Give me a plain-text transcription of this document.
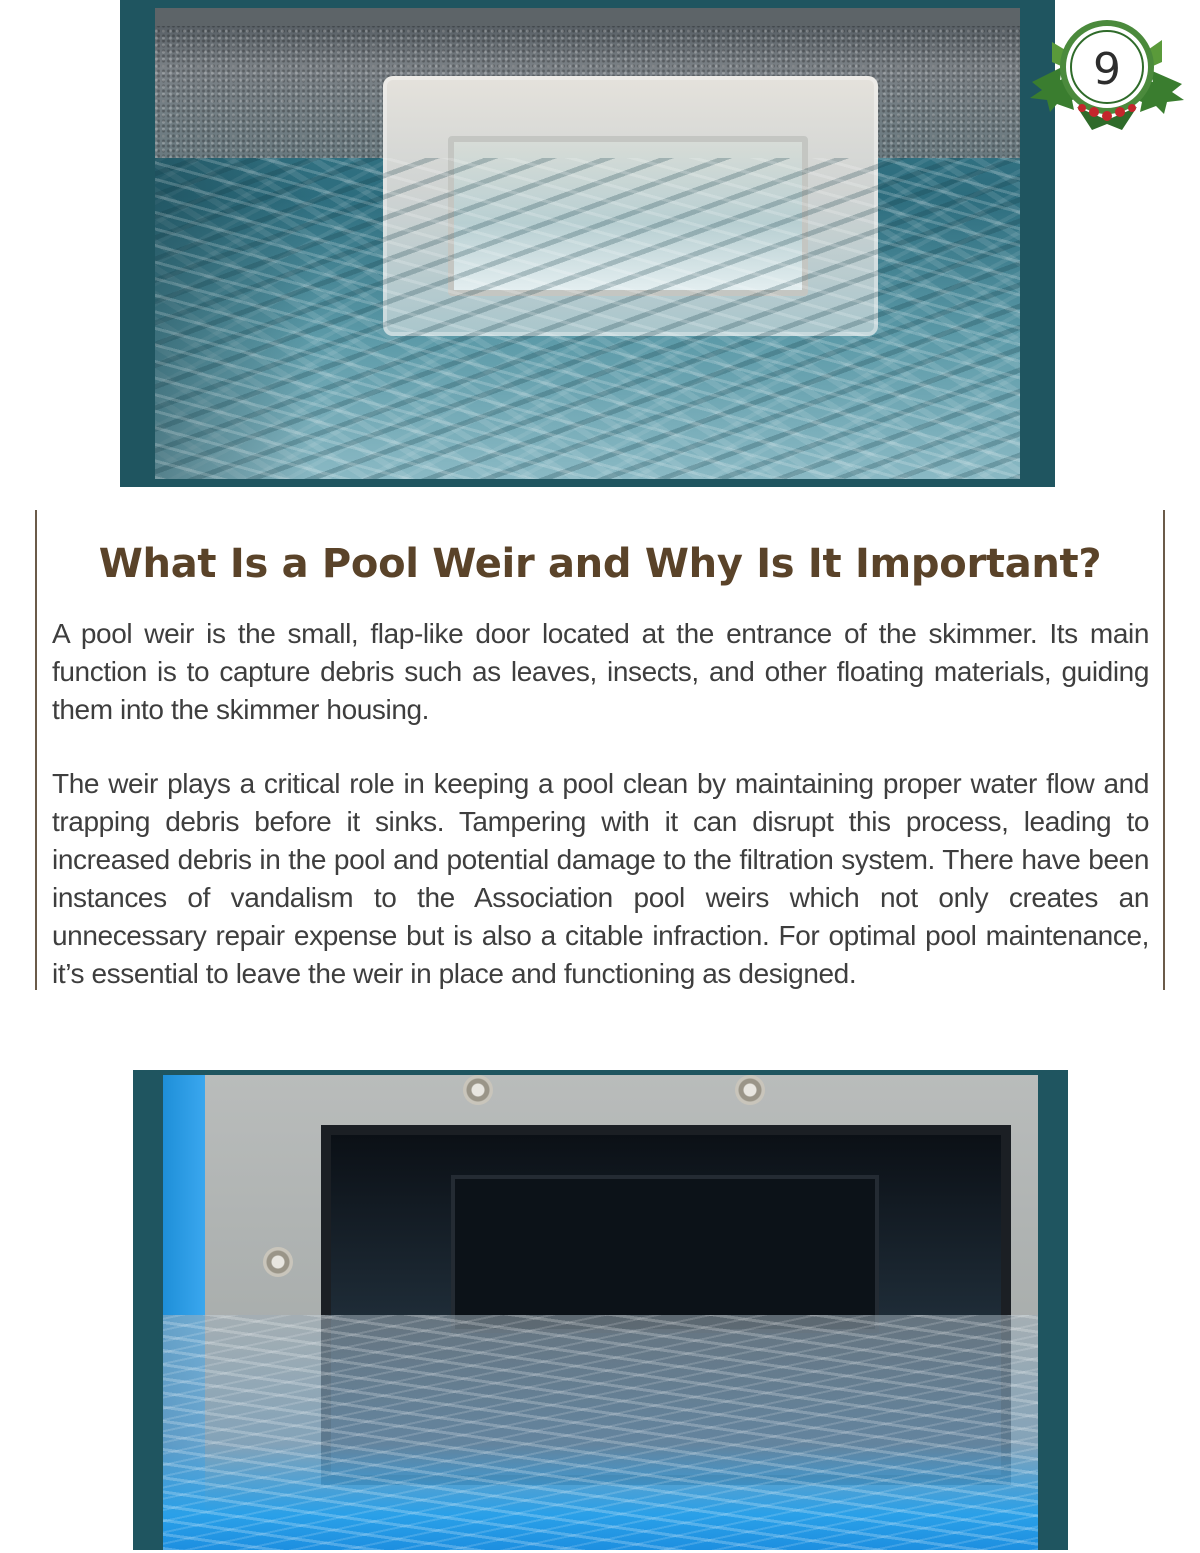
9
What Is a Pool Weir and Why Is It Important?

A pool weir is the small, flap-like door located at the entrance of the skimmer. Its main function is to capture debris such as leaves, insects, and other floating materials, guiding them into the skimmer housing.

The weir plays a critical role in keeping a pool clean by maintaining proper water flow and trapping debris before it sinks. Tampering with it can disrupt this process, leading to increased debris in the pool and potential damage to the filtration system. There have been instances of vandalism to the Association pool weirs which not only creates an unnecessary repair expense but is also a citable infraction. For optimal pool maintenance, it’s essential to leave the weir in place and functioning as designed.
